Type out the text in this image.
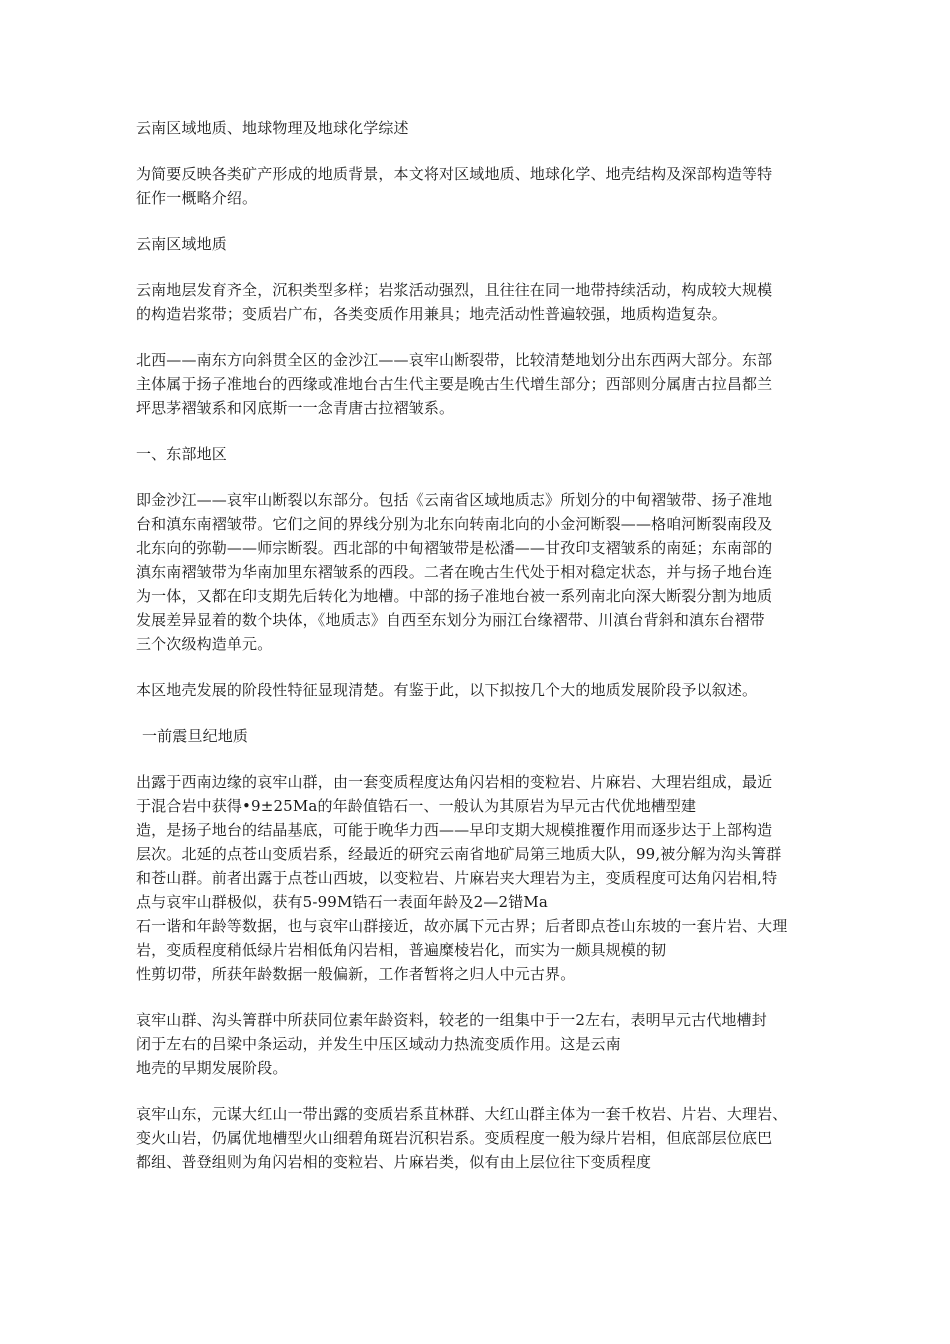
云南区域地质、地球物理及地球化学综述

为简要反映各类矿产形成的地质背景，本文将对区域地质、地球化学、地壳结构及深部构造等特
征作一概略介绍。

云南区域地质

云南地层发育齐全，沉积类型多样；岩浆活动强烈，且往往在同一地带持续活动，构成较大规模
的构造岩浆带；变质岩广布，各类变质作用兼具；地壳活动性普遍较强，地质构造复杂。

北西——南东方向斜贯全区的金沙江——哀牢山断裂带，比较清楚地划分出东西两大部分。东部
主体属于扬子准地台的西缘或准地台古生代主要是晚古生代增生部分；西部则分属唐古拉昌都兰
坪思茅褶皱系和冈底斯一一念青唐古拉褶皱系。

一、东部地区

即金沙江——哀牢山断裂以东部分。包括《云南省区域地质志》所划分的中甸褶皱带、扬子准地
台和滇东南褶皱带。它们之间的界线分别为北东向转南北向的小金河断裂——格咱河断裂南段及
北东向的弥勒——师宗断裂。西北部的中甸褶皱带是松潘——甘孜印支褶皱系的南延；东南部的
滇东南褶皱带为华南加里东褶皱系的西段。二者在晚古生代处于相对稳定状态，并与扬子地台连
为一体，又都在印支期先后转化为地槽。中部的扬子准地台被一系列南北向深大断裂分割为地质
发展差异显着的数个块体，《地质志》自西至东划分为丽江台缘褶带、川滇台背斜和滇东台褶带
三个次级构造单元。

本区地壳发展的阶段性特征显现清楚。有鉴于此，以下拟按几个大的地质发展阶段予以叙述。

一前震旦纪地质

出露于西南边缘的哀牢山群，由一套变质程度达角闪岩相的变粒岩、片麻岩、大理岩组成，最近
于混合岩中获得•9±25Ma的年龄值锆石一、一般认为其原岩为早元古代优地槽型建
造，是扬子地台的结晶基底，可能于晚华力西——早印支期大规模推覆作用而逐步达于上部构造
层次。北延的点苍山变质岩系，经最近的研究云南省地矿局第三地质大队，99,被分解为沟头箐群
和苍山群。前者出露于点苍山西坡，以变粒岩、片麻岩夹大理岩为主，变质程度可达角闪岩相,特
点与哀牢山群极似，获有5-99M锆石一表面年龄及2—2错Ma
石一谐和年龄等数据，也与哀牢山群接近，故亦属下元古界；后者即点苍山东坡的一套片岩、大理
岩，变质程度稍低绿片岩相低角闪岩相，普遍糜棱岩化，而实为一颇具规模的韧
性剪切带，所获年龄数据一般偏新，工作者暂将之归人中元古界。

哀牢山群、沟头箐群中所获同位素年龄资料，较老的一组集中于一2左右，表明早元古代地槽封
闭于左右的吕梁中条运动，并发生中压区域动力热流变质作用。这是云南
地壳的早期发展阶段。

哀牢山东，元谋大红山一带出露的变质岩系苴林群、大红山群主体为一套千枚岩、片岩、大理岩、
变火山岩，仍属优地槽型火山细碧角斑岩沉积岩系。变质程度一般为绿片岩相，但底部层位底巴
都组、普登组则为角闪岩相的变粒岩、片麻岩类，似有由上层位往下变质程度
